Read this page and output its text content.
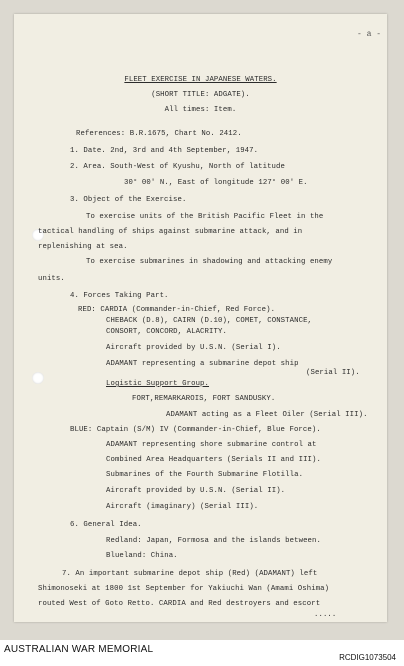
- a -
FLEET EXERCISE IN JAPANESE WATERS.
(SHORT TITLE: ADGATE).
All times: Item.
References: B.R.1675, Chart No. 2412.
1. Date. 2nd, 3rd and 4th September, 1947.
2. Area. South-West of Kyushu, North of latitude
30° 00' N., East of longitude 127° 00' E.
3. Object of the Exercise.
To exercise units of the British Pacific Fleet in the
tactical handling of ships against submarine attack, and in
replenishing at sea.
To exercise submarines in shadowing and attacking enemy
units.
4. Forces Taking Part.
RED: CARDIA (Commander-in-Chief, Red Force).
CHEBACK (D.8), CAIRN (D.10), COMET, CONSTANCE,
CONSORT, CONCORD, ALACRITY.
Aircraft provided by U.S.N. (Serial I).
ADAMANT representing a submarine depot ship
(Serial II).
Logistic Support Group.
FORT,REMARKAROIS, FORT SANDUSKY.
ADAMANT acting as a Fleet Oiler (Serial III).
BLUE: Captain (S/M) IV (Commander-in-Chief, Blue Force).
ADAMANT representing shore submarine control at
Combined Area Headquarters (Serials II and III).
Submarines of the Fourth Submarine Flotilla.
Aircraft provided by U.S.N. (Serial II).
Aircraft (imaginary) (Serial III).
6. General Idea.
Redland: Japan, Formosa and the islands between.
Blueland: China.
7. An important submarine depot ship (Red) (ADAMANT) left
Shimonoseki at 1800 1st September for Yakiuchi Wan (Amami Oshima)
routed West of Goto Retto. CARDIA and Red destroyers and escort
.....
AUSTRALIAN WAR MEMORIAL
RCDIG1073504
